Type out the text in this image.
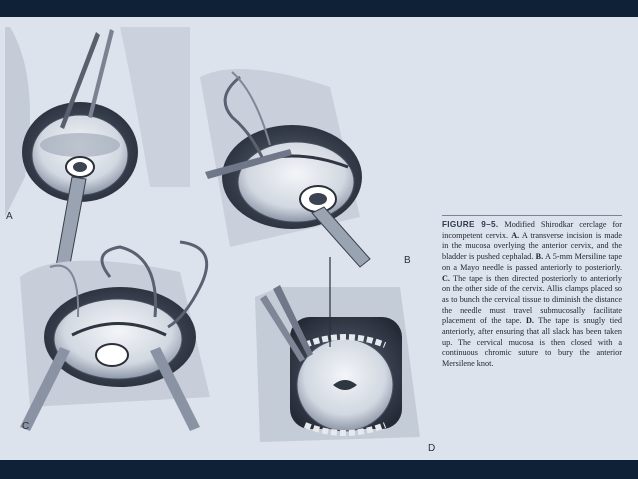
A
B
C
D
FIGURE 9–5. Modified Shirodkar cerclage for incompetent cervix. A. A transverse incision is made in the mucosa overlying the anterior cervix, and the bladder is pushed cephalad. B. A 5-mm Mersiline tape on a Mayo needle is passed anteriorly to posteriorly. C. The tape is then directed posteriorly to anteriorly on the other side of the cervix. Allis clamps placed so as to bunch the cervical tissue to diminish the distance the needle must travel submucosally facilitate placement of the tape. D. The tape is snugly tied anteriorly, after ensuring that all slack has been taken up. The cervical mucosa is then closed with a continuous chromic suture to bury the anterior Mersilene knot.
